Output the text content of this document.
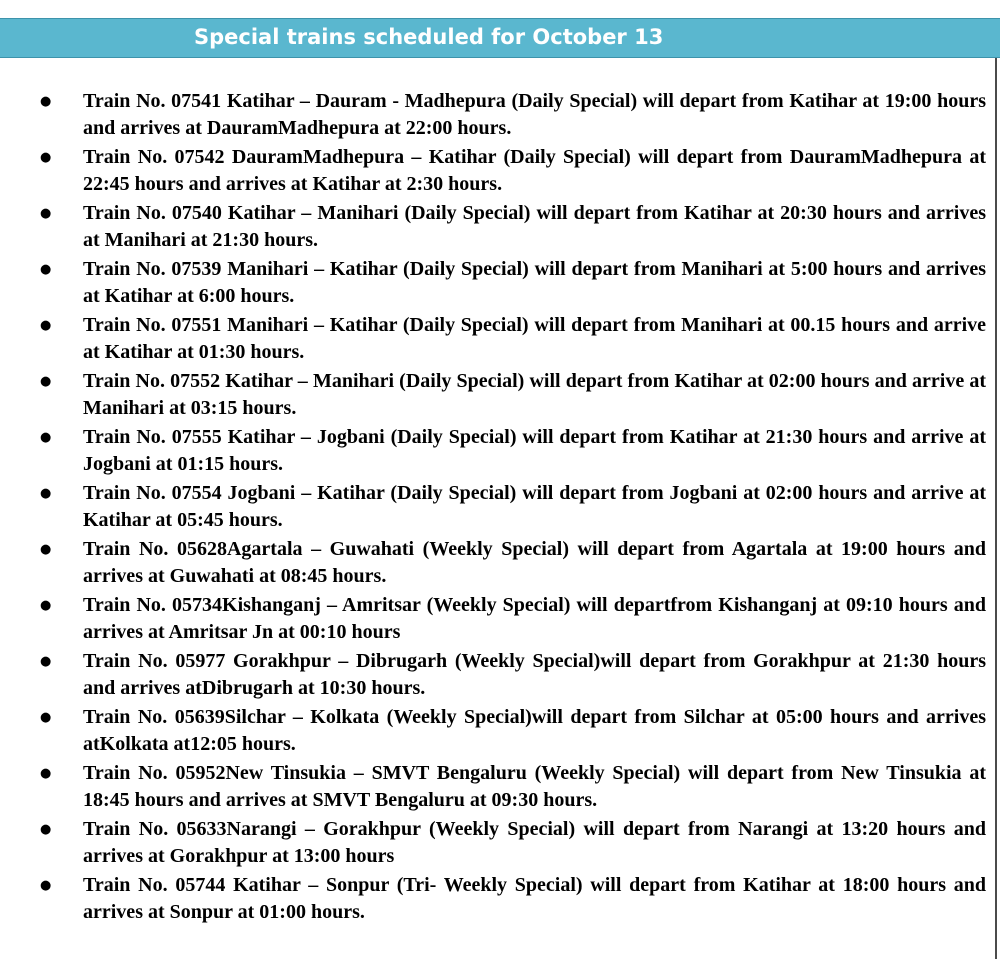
Special trains scheduled for October 13
● Train No. 07541 Katihar – Dauram - Madhepura (Daily Special) will depart from Katihar at 19:00 hours and arrives at DauramMadhepura at 22:00 hours.
● Train No. 07542 DauramMadhepura – Katihar (Daily Special) will depart from DauramMadhepura at 22:45 hours and arrives at Katihar at 2:30 hours.
● Train No. 07540 Katihar – Manihari (Daily Special) will depart from Katihar at 20:30 hours and arrives at Manihari at 21:30 hours.
● Train No. 07539 Manihari – Katihar (Daily Special) will depart from Manihari at 5:00 hours and arrives at Katihar at 6:00 hours.
● Train No. 07551 Manihari – Katihar (Daily Special) will depart from Manihari at 00.15 hours and arrive at Katihar at 01:30 hours.
● Train No. 07552 Katihar – Manihari (Daily Special) will depart from Katihar at 02:00 hours and arrive at Manihari at 03:15 hours.
● Train No. 07555 Katihar – Jogbani (Daily Special) will depart from Katihar at 21:30 hours and arrive at Jogbani at 01:15 hours.
● Train No. 07554 Jogbani – Katihar (Daily Special) will depart from Jogbani at 02:00 hours and arrive at Katihar at 05:45 hours.
● Train No. 05628Agartala – Guwahati (Weekly Special) will depart from Agartala at 19:00 hours and arrives at Guwahati at 08:45 hours.
● Train No. 05734Kishanganj – Amritsar (Weekly Special) will departfrom Kishanganj at 09:10 hours and arrives at Amritsar Jn at 00:10 hours
● Train No. 05977 Gorakhpur – Dibrugarh (Weekly Special)will depart from Gorakhpur at 21:30 hours and arrives atDibrugarh at 10:30 hours.
● Train No. 05639Silchar – Kolkata (Weekly Special)will depart from Silchar at 05:00 hours and arrives atKolkata at12:05 hours.
● Train No. 05952New Tinsukia – SMVT Bengaluru (Weekly Special) will depart from New Tinsukia at 18:45 hours and arrives at SMVT Bengaluru at 09:30 hours.
● Train No. 05633Narangi – Gorakhpur (Weekly Special) will depart from Narangi at 13:20 hours and arrives at Gorakhpur at 13:00 hours
● Train No. 05744 Katihar – Sonpur (Tri- Weekly Special) will depart from Katihar at 18:00 hours and arrives at Sonpur at 01:00 hours.
